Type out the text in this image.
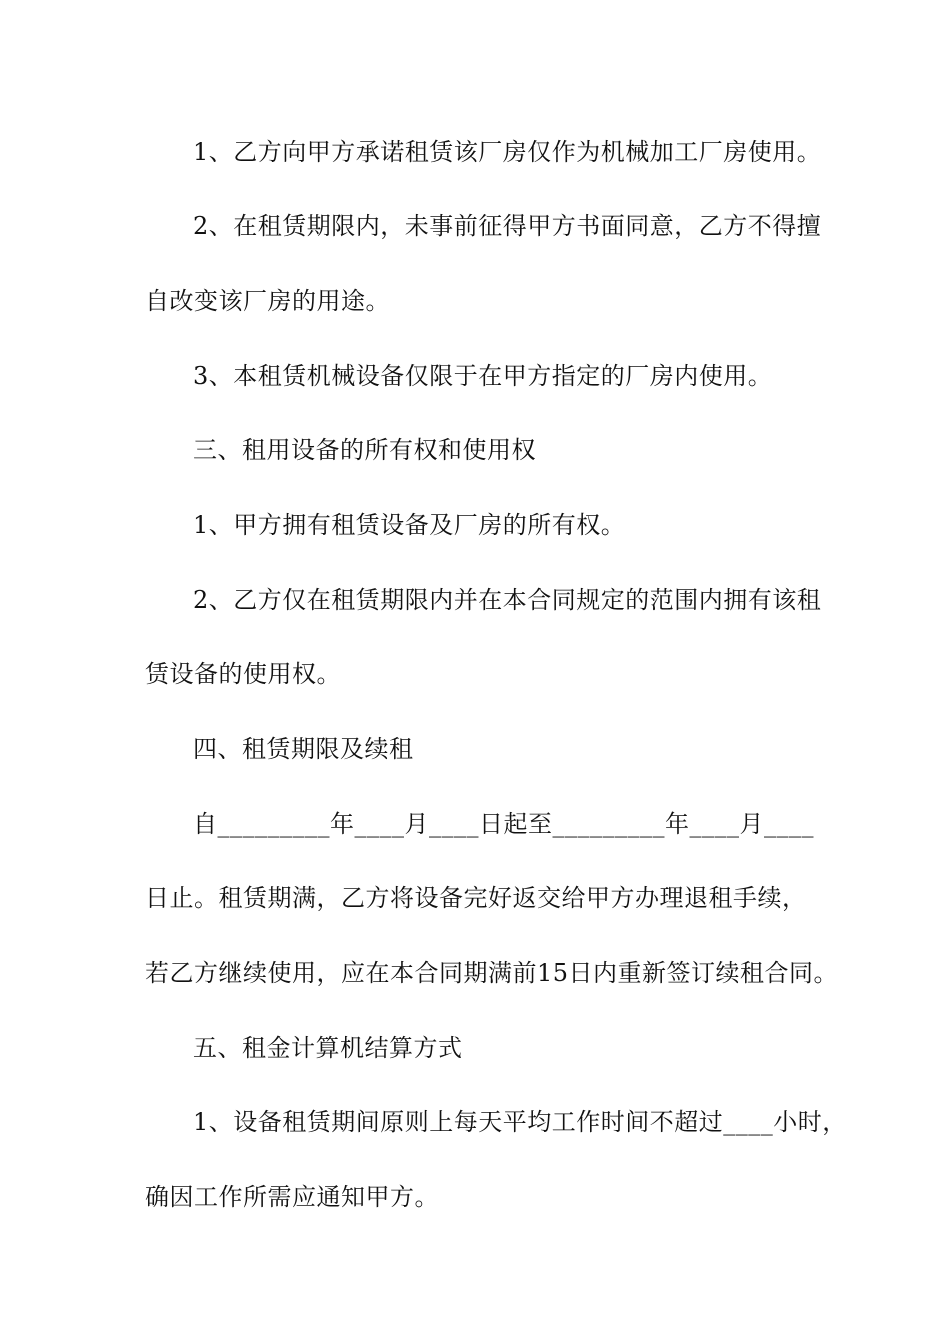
1、乙方向甲方承诺租赁该厂房仅作为机械加工厂房使用。
2、在租赁期限内，未事前征得甲方书面同意，乙方不得擅
自改变该厂房的用途。
3、本租赁机械设备仅限于在甲方指定的厂房内使用。
三、租用设备的所有权和使用权
1、甲方拥有租赁设备及厂房的所有权。
2、乙方仅在租赁期限内并在本合同规定的范围内拥有该租
赁设备的使用权。
四、租赁期限及续租
自_________年____月____日起至_________年____月____
日止。租赁期满，乙方将设备完好返交给甲方办理退租手续，
若乙方继续使用，应在本合同期满前15日内重新签订续租合同。
五、租金计算机结算方式
1、设备租赁期间原则上每天平均工作时间不超过____小时，
确因工作所需应通知甲方。
